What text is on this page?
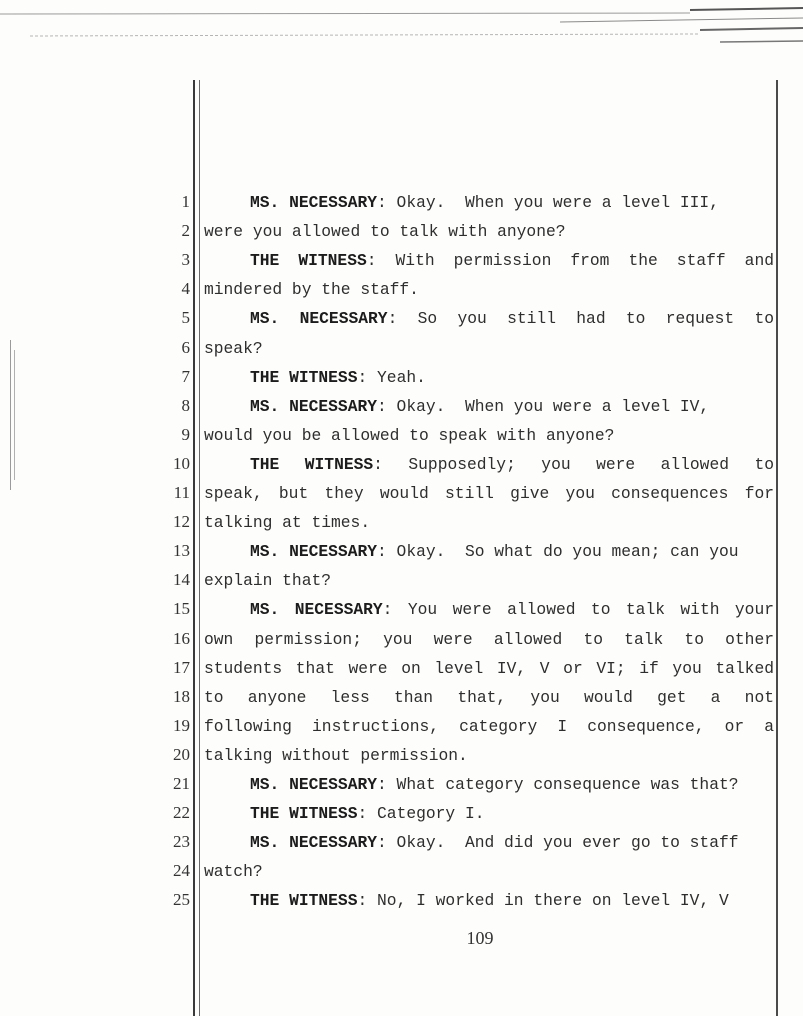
1	MS. NECESSARY: Okay.  When you were a level III,
2 were you allowed to talk with anyone?
3	THE WITNESS: With permission from the staff and
4 mindered by the staff.
5	MS. NECESSARY: So you still had to request to
6 speak?
7	THE WITNESS: Yeah.
8	MS. NECESSARY: Okay.  When you were a level IV,
9 would you be allowed to speak with anyone?
10	THE WITNESS: Supposedly; you were allowed to
11 speak, but they would still give you consequences for
12 talking at times.
13	MS. NECESSARY: Okay.  So what do you mean; can you
14 explain that?
15	MS. NECESSARY: You were allowed to talk with your
16 own permission; you were allowed to talk to other
17 students that were on level IV, V or VI; if you talked
18 to anyone less than that, you would get a not
19 following instructions, category I consequence, or a
20 talking without permission.
21	MS. NECESSARY: What category consequence was that?
22	THE WITNESS: Category I.
23	MS. NECESSARY: Okay.  And did you ever go to staff
24 watch?
25	THE WITNESS: No, I worked in there on level IV, V
109
